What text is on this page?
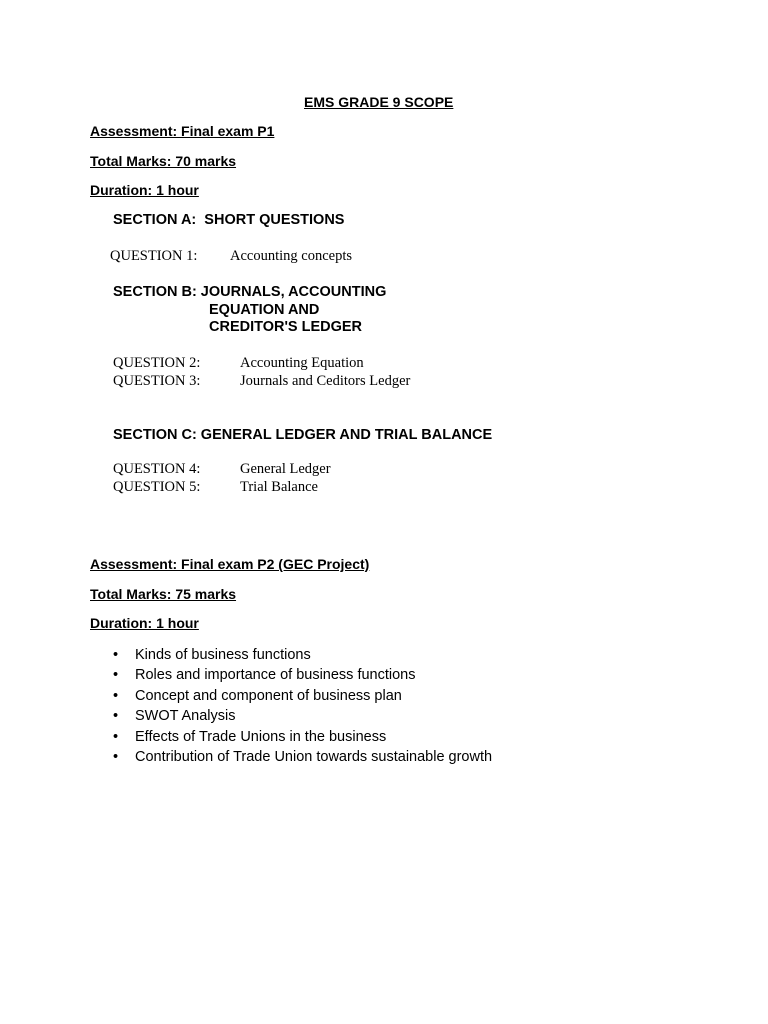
EMS GRADE 9 SCOPE
Assessment: Final exam P1
Total Marks: 70 marks
Duration: 1 hour
SECTION A:  SHORT QUESTIONS
QUESTION 1: Accounting concepts
SECTION B: JOURNALS, ACCOUNTING
EQUATION AND
CREDITOR'S LEDGER
QUESTION 2:	Accounting Equation
QUESTION 3:	Journals and Ceditors Ledger
SECTION C: GENERAL LEDGER AND TRIAL BALANCE
QUESTION 4:	General Ledger
QUESTION 5:	Trial Balance
Assessment: Final exam P2 (GEC Project)
Total Marks: 75 marks
Duration: 1 hour
• Kinds of business functions
• Roles and importance of business functions
• Concept and component of business plan
• SWOT Analysis
• Effects of Trade Unions in the business
• Contribution of Trade Union towards sustainable growth
